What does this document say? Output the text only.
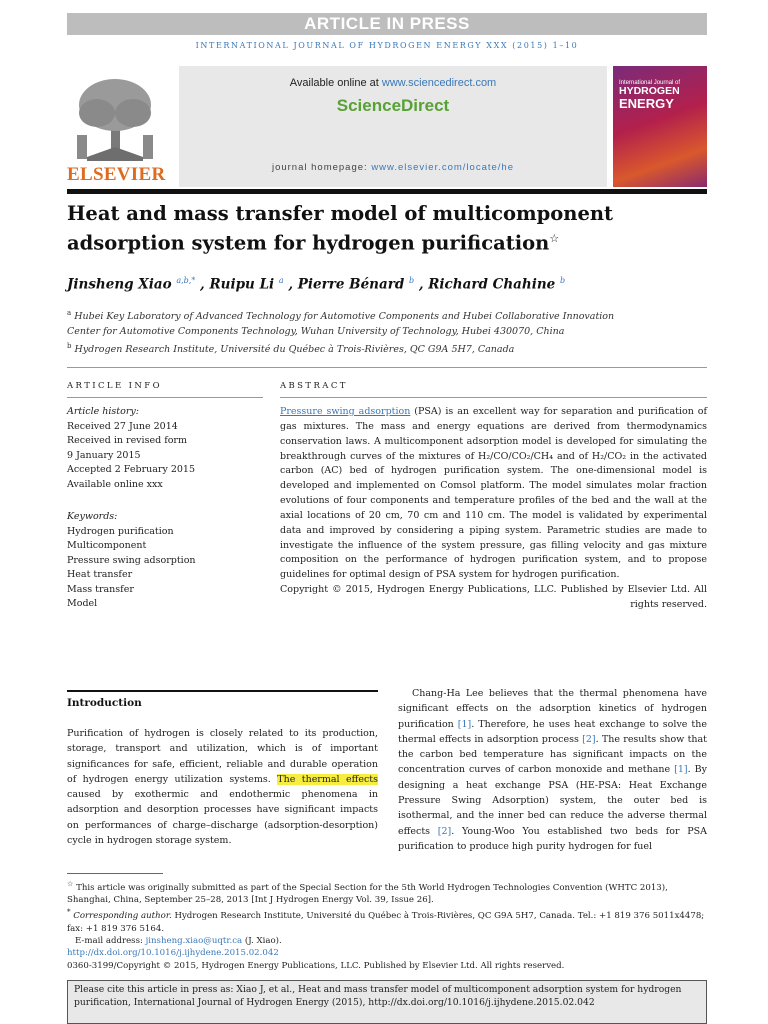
ARTICLE IN PRESS
INTERNATIONAL JOURNAL OF HYDROGEN ENERGY XXX (2015) 1–10
ELSEVIER
Available online at www.sciencedirect.com
ScienceDirect
journal homepage: www.elsevier.com/locate/he
International Journal of
HYDROGEN
ENERGY
Heat and mass transfer model of multicomponent
adsorption system for hydrogen purification☆
Jinsheng Xiao $^{a,b,*}$ , Ruipu Li $^a$ , Pierre Bénard $^b$ , Richard Chahine $^b$
$^a$ Hubei Key Laboratory of Advanced Technology for Automotive Components and Hubei Collaborative Innovation
Center for Automotive Components Technology, Wuhan University of Technology, Hubei 430070, China
$^b$ Hydrogen Research Institute, Université du Québec à Trois-Rivières, QC G9A 5H7, Canada
ARTICLE INFO	ABSTRACT
Article history:
Received 27 June 2014
Received in revised form
9 January 2015
Accepted 2 February 2015
Available online xxx
Keywords:
Hydrogen purification
Multicomponent
Pressure swing adsorption
Heat transfer
Mass transfer
Model

Pressure swing adsorption (PSA) is an excellent way for separation and purification of gas mixtures. The mass and energy equations are derived from thermodynamics conservation laws. A multicomponent adsorption model is developed for simulating the breakthrough curves of the mixtures of H₂/CO/CO₂/CH₄ and of H₂/CO₂ in the activated carbon (AC) bed of hydrogen purification system. The one-dimensional model is developed and implemented on Comsol platform. The model simulates molar fraction evolutions of four components and temperature profiles of the bed and the wall at the axial locations of 20 cm, 70 cm and 110 cm. The model is validated by experimental data and improved by considering a piping system. Parametric studies are made to investigate the influence of the system pressure, gas filling velocity and gas mixture composition on the performance of hydrogen purification system, and to propose guidelines for optimal design of PSA system for hydrogen purification.

Copyright © 2015, Hydrogen Energy Publications, LLC. Published by Elsevier Ltd. All rights reserved.

Introduction
Purification of hydrogen is closely related to its production, storage, transport and utilization, which is of important significances for safe, efficient, reliable and durable operation of hydrogen energy utilization systems. The thermal effects caused by exothermic and endothermic phenomena in adsorption and desorption processes have significant impacts on performances of charge–discharge (adsorption-desorption) cycle in hydrogen storage system.
Chang-Ha Lee believes that the thermal phenomena have significant effects on the adsorption kinetics of hydrogen purification [1]. Therefore, he uses heat exchange to solve the thermal effects in adsorption process [2]. The results show that the carbon bed temperature has significant impacts on the concentration curves of carbon monoxide and methane [1]. By designing a heat exchange PSA (HE-PSA: Heat Exchange Pressure Swing Adsorption) system, the outer bed is isothermal, and the inner bed can reduce the adverse thermal effects [2]. Young-Woo You established two beds for PSA purification to produce high purity hydrogen for fuel
☆ This article was originally submitted as part of the Special Section for the 5th World Hydrogen Technologies Convention (WHTC 2013), Shanghai, China, September 25–28, 2013 [Int J Hydrogen Energy Vol. 39, Issue 26].
* Corresponding author. Hydrogen Research Institute, Université du Québec à Trois-Rivières, QC G9A 5H7, Canada. Tel.: +1 819 376 5011x4478; fax: +1 819 376 5164.
E-mail address: jinsheng.xiao@uqtr.ca (J. Xiao).
http://dx.doi.org/10.1016/j.ijhydene.2015.02.042
0360-3199/Copyright © 2015, Hydrogen Energy Publications, LLC. Published by Elsevier Ltd. All rights reserved.
Please cite this article in press as: Xiao J, et al., Heat and mass transfer model of multicomponent adsorption system for hydrogen purification, International Journal of Hydrogen Energy (2015), http://dx.doi.org/10.1016/j.ijhydene.2015.02.042
